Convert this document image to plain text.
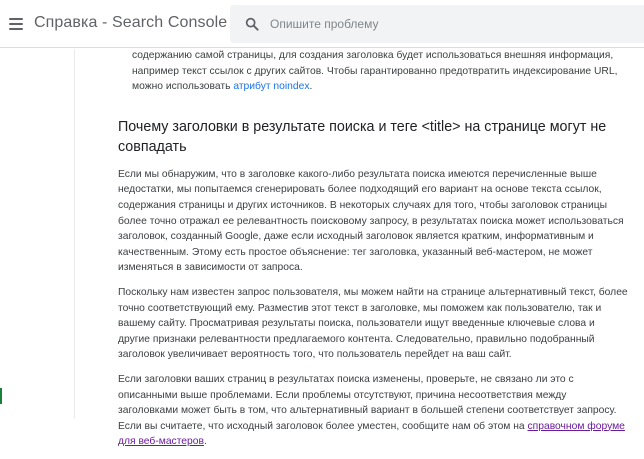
Справка - Search Console
Опишите проблему

содержанию самой страницы, для создания заголовка будет использоваться внешняя информация, например текст ссылок с других сайтов. Чтобы гарантированно предотвратить индексирование URL, можно использовать атрибут noindex.

Почему заголовки в результате поиска и теге <title> на странице могут не совпадать

Если мы обнаружим, что в заголовке какого-либо результата поиска имеются перечисленные выше недостатки, мы попытаемся сгенерировать более подходящий его вариант на основе текста ссылок, содержания страницы и других источников. В некоторых случаях для того, чтобы заголовок страницы более точно отражал ее релевантность поисковому запросу, в результатах поиска может использоваться заголовок, созданный Google, даже если исходный заголовок является кратким, информативным и качественным. Этому есть простое объяснение: тег заголовка, указанный веб-мастером, не может изменяться в зависимости от запроса.

Поскольку нам известен запрос пользователя, мы можем найти на странице альтернативный текст, более точно соответствующий ему. Разместив этот текст в заголовке, мы поможем как пользователю, так и вашему сайту. Просматривая результаты поиска, пользователи ищут введенные ключевые слова и другие признаки релевантности предлагаемого контента. Следовательно, правильно подобранный заголовок увеличивает вероятность того, что пользователь перейдет на ваш сайт.

Если заголовки ваших страниц в результатах поиска изменены, проверьте, не связано ли это с описанными выше проблемами. Если проблемы отсутствуют, причина несоответствия между заголовками может быть в том, что альтернативный вариант в большей степени соответствует запросу. Если вы считаете, что исходный заголовок более уместен, сообщите нам об этом на справочном форуме для веб-мастеров.
